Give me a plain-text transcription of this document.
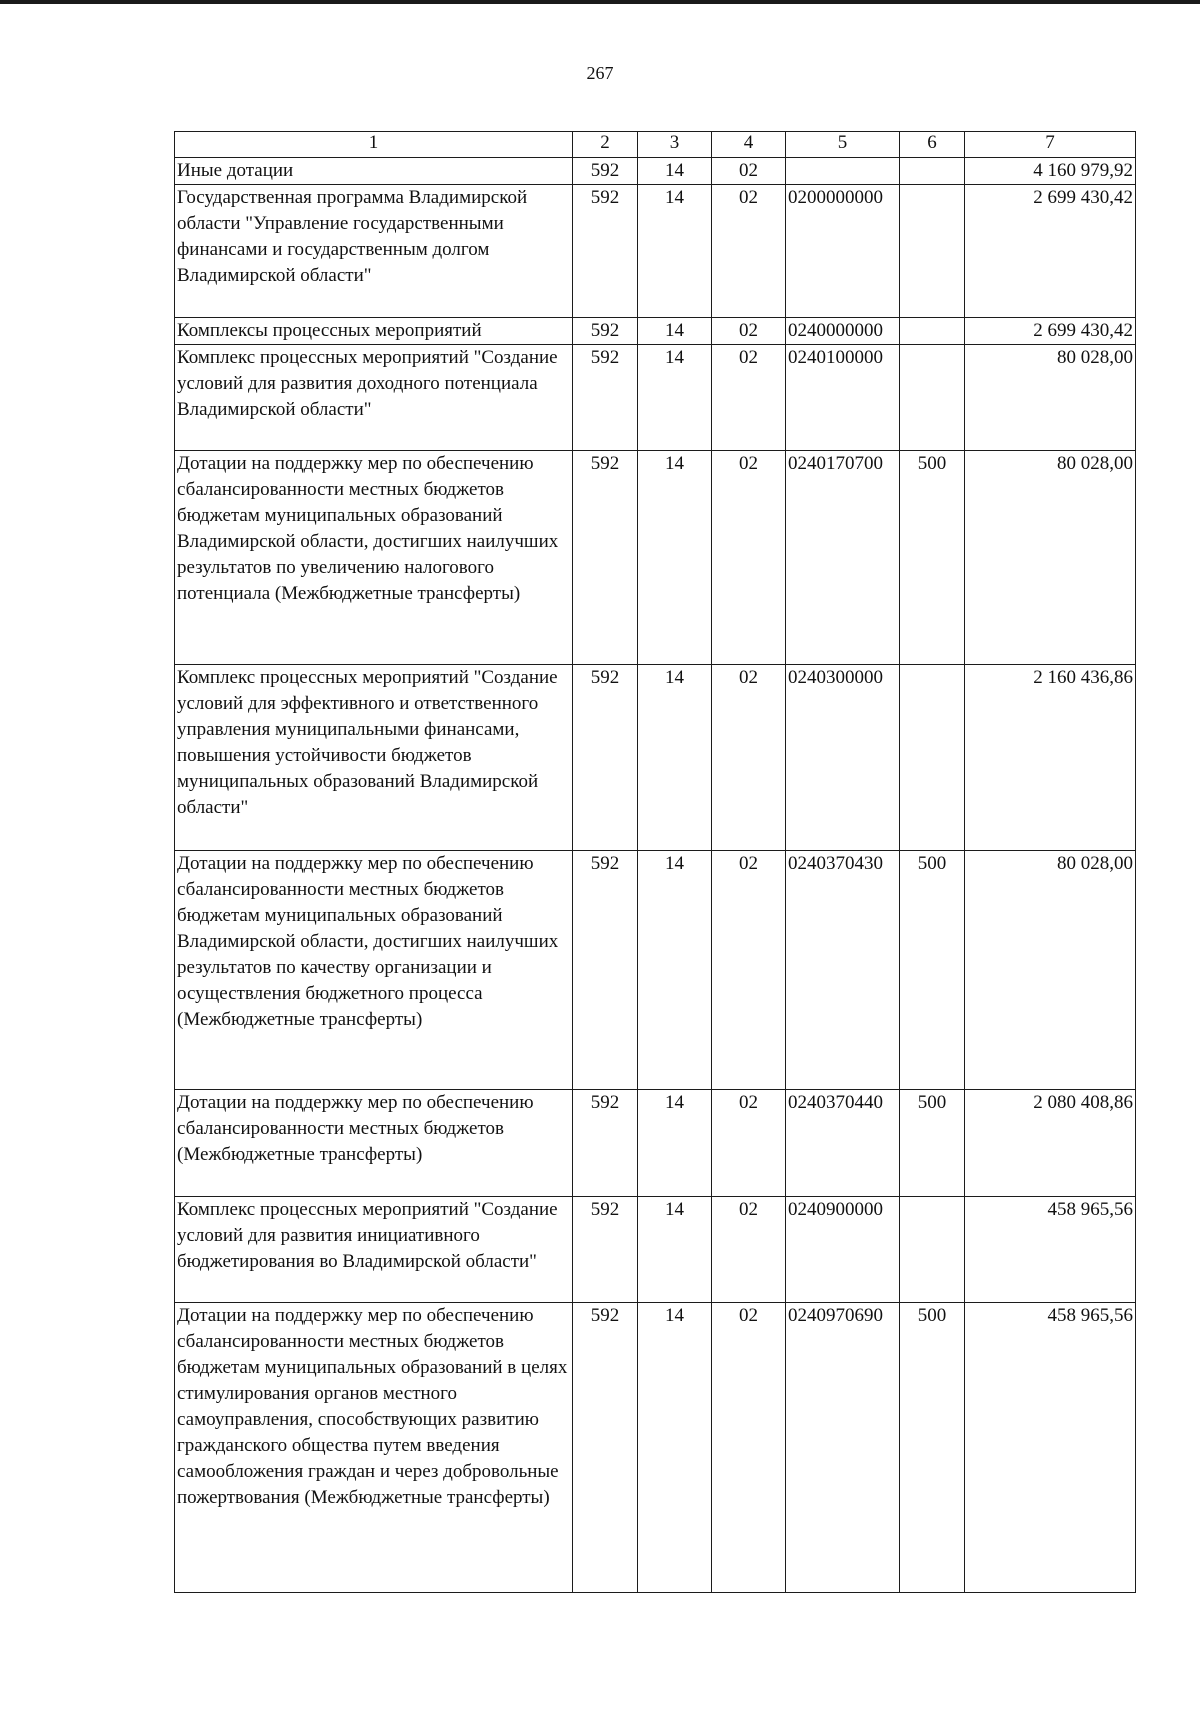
267
1	2	3	4	5	6	7
Иные дотации	592	14	02			4 160 979,92
Государственная программа Владимирской области "Управление государственными финансами и государственным долгом Владимирской области"	592	14	02	0200000000		2 699 430,42
Комплексы процессных мероприятий	592	14	02	0240000000		2 699 430,42
Комплекс процессных мероприятий "Создание условий для развития доходного потенциала Владимирской области"	592	14	02	0240100000		80 028,00
Дотации на поддержку мер по обеспечению сбалансированности местных бюджетов бюджетам муниципальных образований Владимирской области, достигших наилучших результатов по увеличению налогового потенциала (Межбюджетные трансферты)	592	14	02	0240170700	500	80 028,00
Комплекс процессных мероприятий "Создание условий для эффективного и ответственного управления муниципальными финансами, повышения устойчивости бюджетов муниципальных образований Владимирской области"	592	14	02	0240300000		2 160 436,86
Дотации на поддержку мер по обеспечению сбалансированности местных бюджетов бюджетам муниципальных образований Владимирской области, достигших наилучших результатов по качеству организации и осуществления бюджетного процесса (Межбюджетные трансферты)	592	14	02	0240370430	500	80 028,00
Дотации на поддержку мер по обеспечению сбалансированности местных бюджетов (Межбюджетные трансферты)	592	14	02	0240370440	500	2 080 408,86
Комплекс процессных мероприятий "Создание условий для развития инициативного бюджетирования во Владимирской области"	592	14	02	0240900000		458 965,56
Дотации на поддержку мер по обеспечению сбалансированности местных бюджетов бюджетам муниципальных образований в целях стимулирования органов местного самоуправления, способствующих развитию гражданского общества путем введения самообложения граждан и через добровольные пожертвования (Межбюджетные трансферты)	592	14	02	0240970690	500	458 965,56
